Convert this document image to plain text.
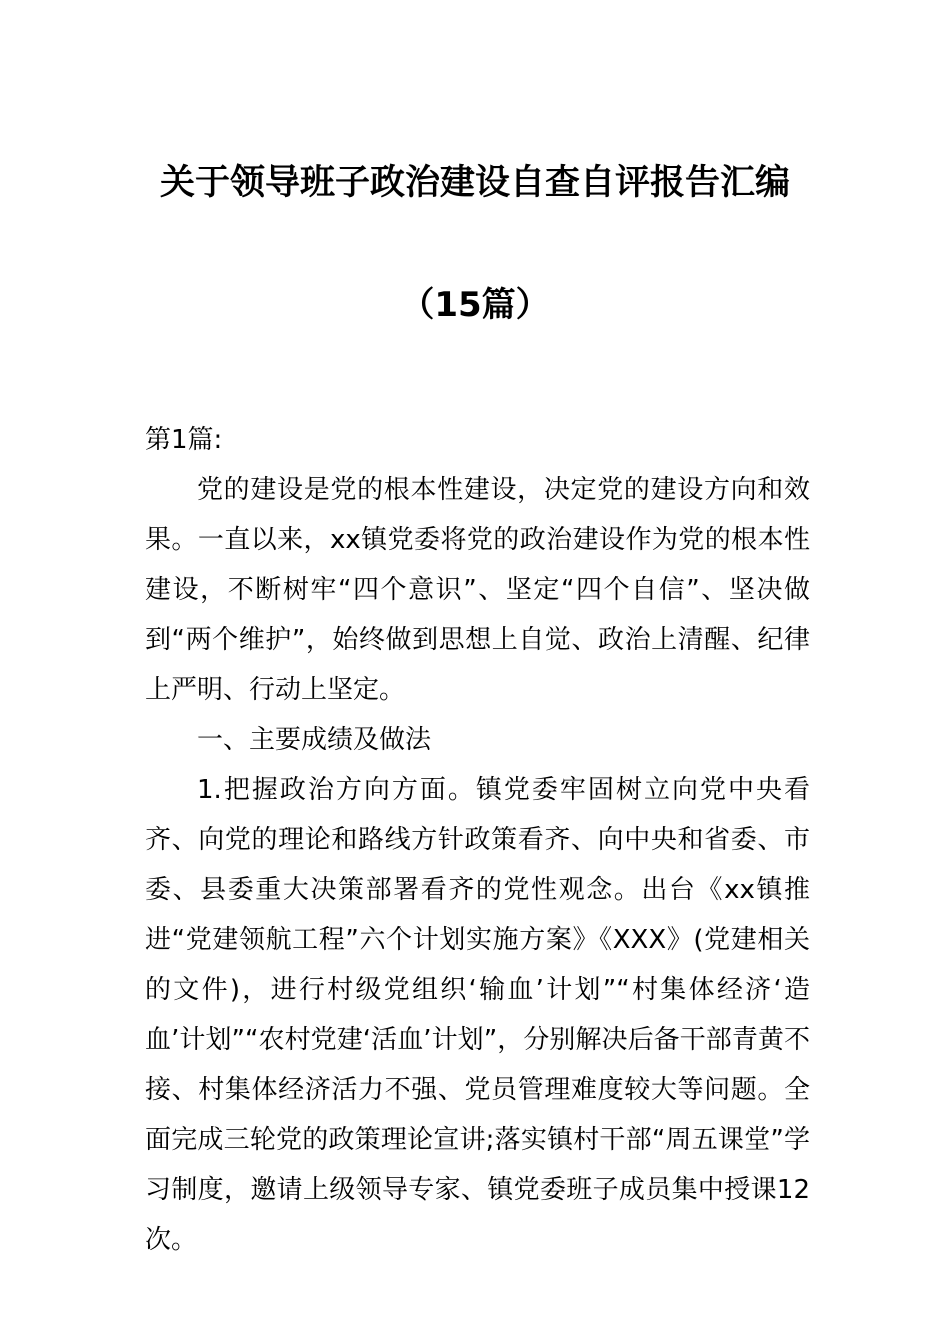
关于领导班子政治建设自查自评报告汇编
（15篇）

第1篇:

党的建设是党的根本性建设，决定党的建设方向和效果。一直以来，xx镇党委将党的政治建设作为党的根本性建设，不断树牢“四个意识”、坚定“四个自信”、坚决做到“两个维护”，始终做到思想上自觉、政治上清醒、纪律上严明、行动上坚定。

一、主要成绩及做法

1.把握政治方向方面。镇党委牢固树立向党中央看齐、向党的理论和路线方针政策看齐、向中央和省委、市委、县委重大决策部署看齐的党性观念。出台《xx镇推进“党建领航工程”六个计划实施方案》《XXX》(党建相关的文件)，进行村级党组织‘输血’计划”“村集体经济‘造血’计划”“农村党建‘活血’计划”，分别解决后备干部青黄不接、村集体经济活力不强、党员管理难度较大等问题。全面完成三轮党的政策理论宣讲;落实镇村干部“周五课堂”学习制度，邀请上级领导专家、镇党委班子成员集中授课12次。
